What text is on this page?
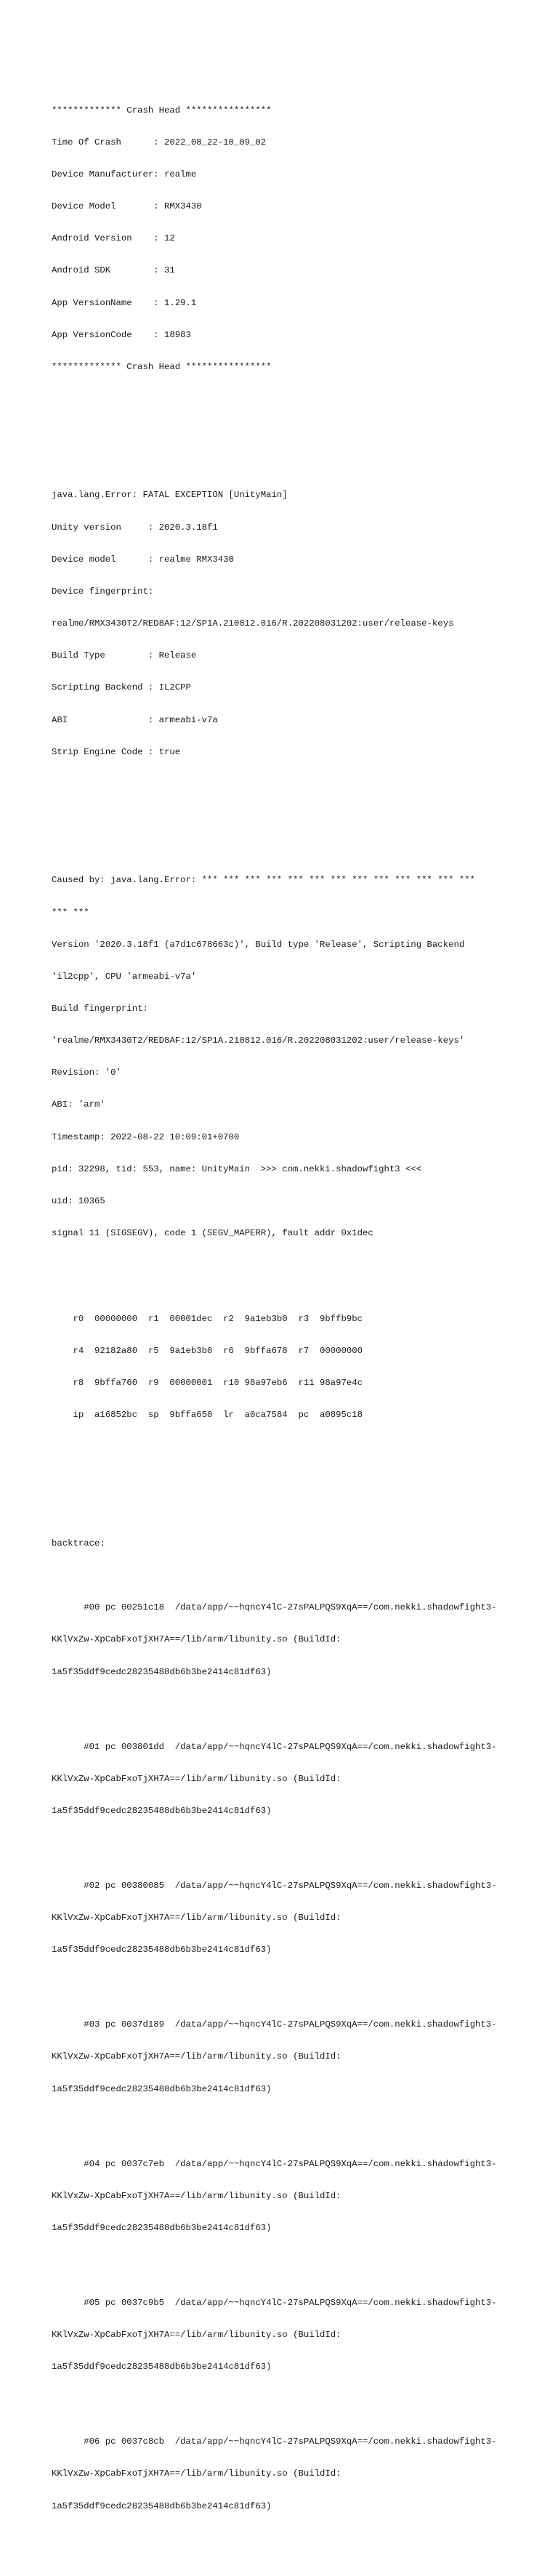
************* Crash Head ****************

Time Of Crash      : 2022_08_22-10_09_02

Device Manufacturer: realme

Device Model       : RMX3430

Android Version    : 12

Android SDK        : 31

App VersionName    : 1.29.1

App VersionCode    : 18983

************* Crash Head ****************

java.lang.Error: FATAL EXCEPTION [UnityMain]

Unity version     : 2020.3.18f1

Device model      : realme RMX3430

Device fingerprint:

realme/RMX3430T2/RED8AF:12/SP1A.210812.016/R.202208031202:user/release-keys

Build Type        : Release

Scripting Backend : IL2CPP

ABI               : armeabi-v7a

Strip Engine Code : true

Caused by: java.lang.Error: *** *** *** *** *** *** *** *** *** *** *** *** ***

*** ***

Version '2020.3.18f1 (a7d1c678663c)', Build type 'Release', Scripting Backend

'il2cpp', CPU 'armeabi-v7a'

Build fingerprint:

'realme/RMX3430T2/RED8AF:12/SP1A.210812.016/R.202208031202:user/release-keys'

Revision: '0'

ABI: 'arm'

Timestamp: 2022-08-22 10:09:01+0700

pid: 32298, tid: 553, name: UnityMain  >>> com.nekki.shadowfight3 <<<

uid: 10365

signal 11 (SIGSEGV), code 1 (SEGV_MAPERR), fault addr 0x1dec

r0  00000000  r1  00001dec  r2  9a1eb3b0  r3  9bffb9bc

r4  92182a80  r5  9a1eb3b0  r6  9bffa678  r7  00000000

r8  9bffa760  r9  00000001  r10 98a97eb6  r11 98a97e4c

ip  a16852bc  sp  9bffa650  lr  a0ca7584  pc  a0895c18

backtrace:

#00 pc 00251c18  /data/app/~~hqncY4lC-27sPALPQS9XqA==/com.nekki.shadowfight3-

KKlVxZw-XpCabFxoTjXH7A==/lib/arm/libunity.so (BuildId:

1a5f35ddf9cedc28235488db6b3be2414c81df63)

#01 pc 003801dd  /data/app/~~hqncY4lC-27sPALPQS9XqA==/com.nekki.shadowfight3-

KKlVxZw-XpCabFxoTjXH7A==/lib/arm/libunity.so (BuildId:

1a5f35ddf9cedc28235488db6b3be2414c81df63)

#02 pc 00380085  /data/app/~~hqncY4lC-27sPALPQS9XqA==/com.nekki.shadowfight3-

KKlVxZw-XpCabFxoTjXH7A==/lib/arm/libunity.so (BuildId:

1a5f35ddf9cedc28235488db6b3be2414c81df63)

#03 pc 0037d189  /data/app/~~hqncY4lC-27sPALPQS9XqA==/com.nekki.shadowfight3-

KKlVxZw-XpCabFxoTjXH7A==/lib/arm/libunity.so (BuildId:

1a5f35ddf9cedc28235488db6b3be2414c81df63)

#04 pc 0037c7eb  /data/app/~~hqncY4lC-27sPALPQS9XqA==/com.nekki.shadowfight3-

KKlVxZw-XpCabFxoTjXH7A==/lib/arm/libunity.so (BuildId:

1a5f35ddf9cedc28235488db6b3be2414c81df63)

#05 pc 0037c9b5  /data/app/~~hqncY4lC-27sPALPQS9XqA==/com.nekki.shadowfight3-

KKlVxZw-XpCabFxoTjXH7A==/lib/arm/libunity.so (BuildId:

1a5f35ddf9cedc28235488db6b3be2414c81df63)

#06 pc 0037c8cb  /data/app/~~hqncY4lC-27sPALPQS9XqA==/com.nekki.shadowfight3-

KKlVxZw-XpCabFxoTjXH7A==/lib/arm/libunity.so (BuildId:

1a5f35ddf9cedc28235488db6b3be2414c81df63)
